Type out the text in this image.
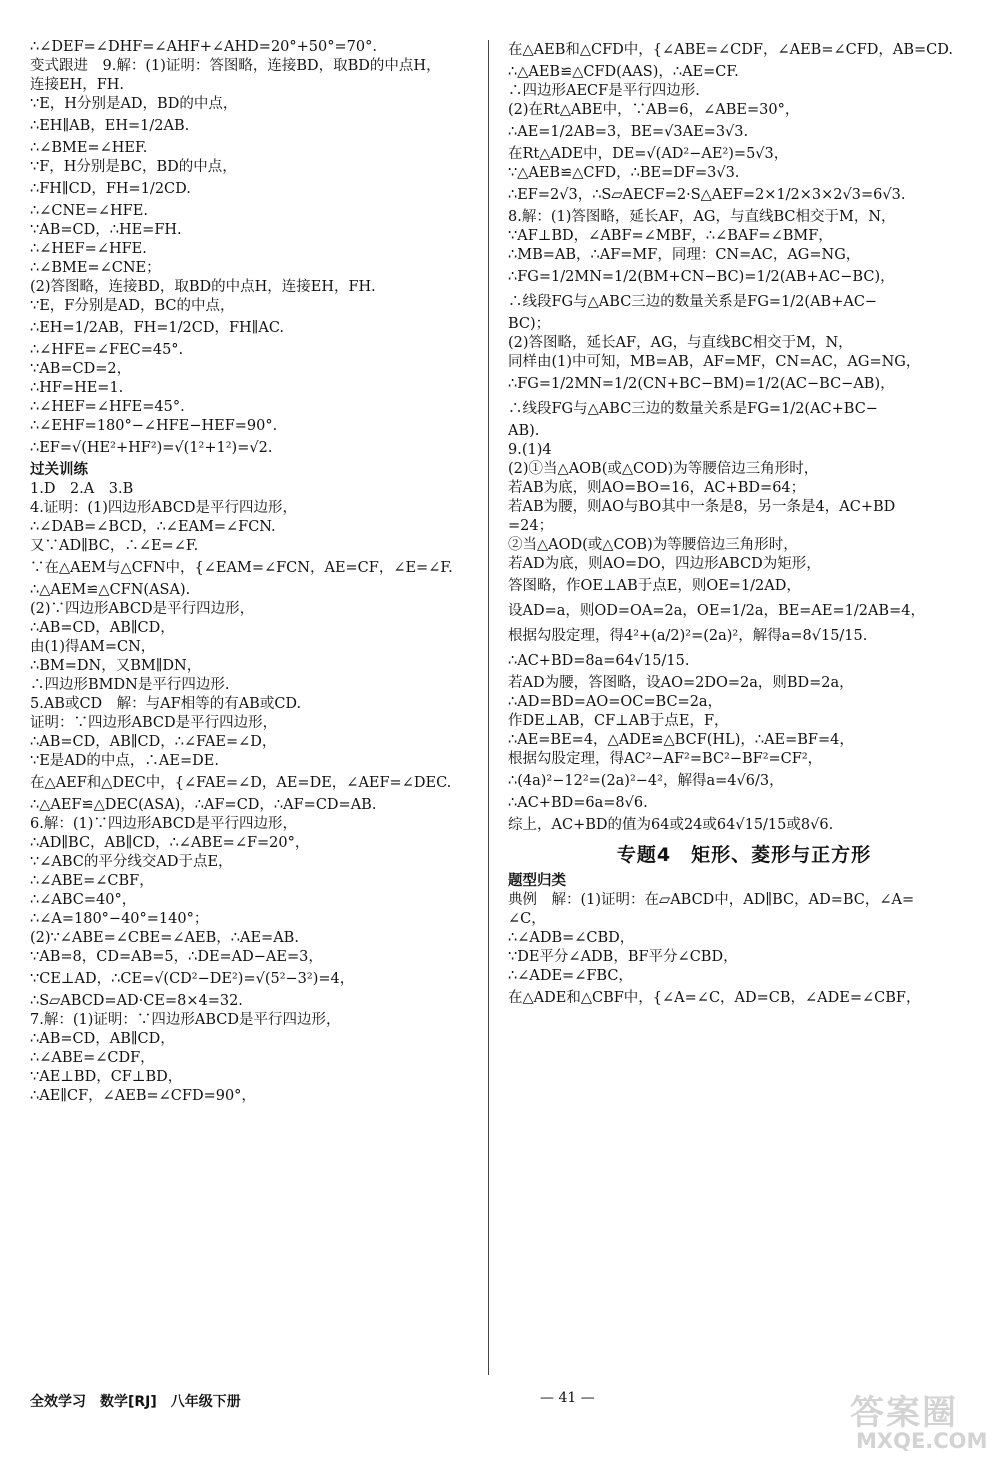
∴∠DEF=∠DHF=∠AHF+∠AHD=20°+50°=70°.
变式跟进　9.解：(1)证明：答图略，连接BD，取BD的中点H，
连接EH，FH.
∵E，H分别是AD，BD的中点，
∴EH∥AB，EH=1/2AB.
∴∠BME=∠HEF.
∵F，H分别是BC，BD的中点，
∴FH∥CD，FH=1/2CD.
∴∠CNE=∠HFE.
∵AB=CD，∴HE=FH.
∴∠HEF=∠HFE.
∴∠BME=∠CNE；
(2)答图略，连接BD，取BD的中点H，连接EH，FH.
∵E，F分别是AD，BC的中点，
∴EH=1/2AB，FH=1/2CD，FH∥AC.
∴∠HFE=∠FEC=45°.
∵AB=CD=2，
∴HF=HE=1.
∴∠HEF=∠HFE=45°.
∴∠EHF=180°−∠HFE−HEF=90°.
∴EF=√(HE²+HF²)=√(1²+1²)=√2.
过关训练
1.D　2.A　3.B
4.证明：(1)四边形ABCD是平行四边形，
∴∠DAB=∠BCD，∴∠EAM=∠FCN.
又∵AD∥BC，∴∠E=∠F.
∵在△AEM与△CFN中，{∠EAM=∠FCN，AE=CF，∠E=∠F.
∴△AEM≌△CFN(ASA).
(2)∵四边形ABCD是平行四边形，
∴AB=CD，AB∥CD，
由(1)得AM=CN，
∴BM=DN，又BM∥DN，
∴四边形BMDN是平行四边形.
5.AB或CD　解：与AF相等的有AB或CD.
证明：∵四边形ABCD是平行四边形，
∴AB=CD，AB∥CD，∴∠FAE=∠D，
∵E是AD的中点，∴AE=DE.
在△AEF和△DEC中，{∠FAE=∠D，AE=DE，∠AEF=∠DEC.
∴△AEF≌△DEC(ASA)，∴AF=CD，∴AF=CD=AB.
6.解：(1)∵四边形ABCD是平行四边形，
∴AD∥BC，AB∥CD，∴∠ABE=∠F=20°，
∵∠ABC的平分线交AD于点E，
∴∠ABE=∠CBF，
∴∠ABC=40°，
∴∠A=180°−40°=140°；
(2)∵∠ABE=∠CBE=∠AEB，∴AE=AB.
∵AB=8，CD=AB=5，∴DE=AD−AE=3，
∵CE⊥AD，∴CE=√(CD²−DE²)=√(5²−3²)=4，
∴S▱ABCD=AD·CE=8×4=32.
7.解：(1)证明：∵四边形ABCD是平行四边形，
∴AB=CD，AB∥CD，
∴∠ABE=∠CDF，
∵AE⊥BD，CF⊥BD，
∴AE∥CF，∠AEB=∠CFD=90°，
在△AEB和△CFD中，{∠ABE=∠CDF，∠AEB=∠CFD，AB=CD.
∴△AEB≌△CFD(AAS)，∴AE=CF.
∴四边形AECF是平行四边形.
(2)在Rt△ABE中，∵AB=6，∠ABE=30°，
∴AE=1/2AB=3，BE=√3AE=3√3.
在Rt△ADE中，DE=√(AD²−AE²)=5√3，
∵△AEB≌△CFD，∴BE=DF=3√3.
∴EF=2√3，∴S▱AECF=2·S△AEF=2×1/2×3×2√3=6√3.
8.解：(1)答图略，延长AF，AG，与直线BC相交于M，N，
∵AF⊥BD，∠ABF=∠MBF，∴∠BAF=∠BMF，
∴MB=AB，∴AF=MF，同理：CN=AC，AG=NG，
∴FG=1/2MN=1/2(BM+CN−BC)=1/2(AB+AC−BC)，
∴线段FG与△ABC三边的数量关系是FG=1/2(AB+AC−
BC)；
(2)答图略，延长AF，AG，与直线BC相交于M，N，
同样由(1)中可知，MB=AB，AF=MF，CN=AC，AG=NG，
∴FG=1/2MN=1/2(CN+BC−BM)=1/2(AC−BC−AB)，
∴线段FG与△ABC三边的数量关系是FG=1/2(AC+BC−
AB).
9.(1)4
(2)①当△AOB(或△COD)为等腰倍边三角形时，
若AB为底，则AO=BO=16，AC+BD=64；
若AB为腰，则AO与BO其中一条是8，另一条是4，AC+BD
=24；
②当△AOD(或△COB)为等腰倍边三角形时，
若AD为底，则AO=DO，四边形ABCD为矩形，
答图略，作OE⊥AB于点E，则OE=1/2AD，
设AD=a，则OD=OA=2a，OE=1/2a，BE=AE=1/2AB=4，
根据勾股定理，得4²+(a/2)²=(2a)²，解得a=8√15/15.
∴AC+BD=8a=64√15/15.
若AD为腰，答图略，设AO=2DO=2a，则BD=2a，
∴AD=BD=AO=OC=BC=2a，
作DE⊥AB，CF⊥AB于点E，F，
∴AE=BE=4，△ADE≌△BCF(HL)，∴AE=BF=4，
根据勾股定理，得AC²−AF²=BC²−BF²=CF²，
∴(4a)²−12²=(2a)²−4²，解得a=4√6/3，
∴AC+BD=6a=8√6.
综上，AC+BD的值为64或24或64√15/15或8√6.
专题4　矩形、菱形与正方形
题型归类
典例　解：(1)证明：在▱ABCD中，AD∥BC，AD=BC，∠A=
∠C，
∴∠ADB=∠CBD，
∵DE平分∠ADB，BF平分∠CBD，
∴∠ADE=∠FBC，
在△ADE和△CBF中，{∠A=∠C，AD=CB，∠ADE=∠CBF，
全效学习　数学[RJ]　八年级下册	— 41 —	答案圈
MXQE.COM
